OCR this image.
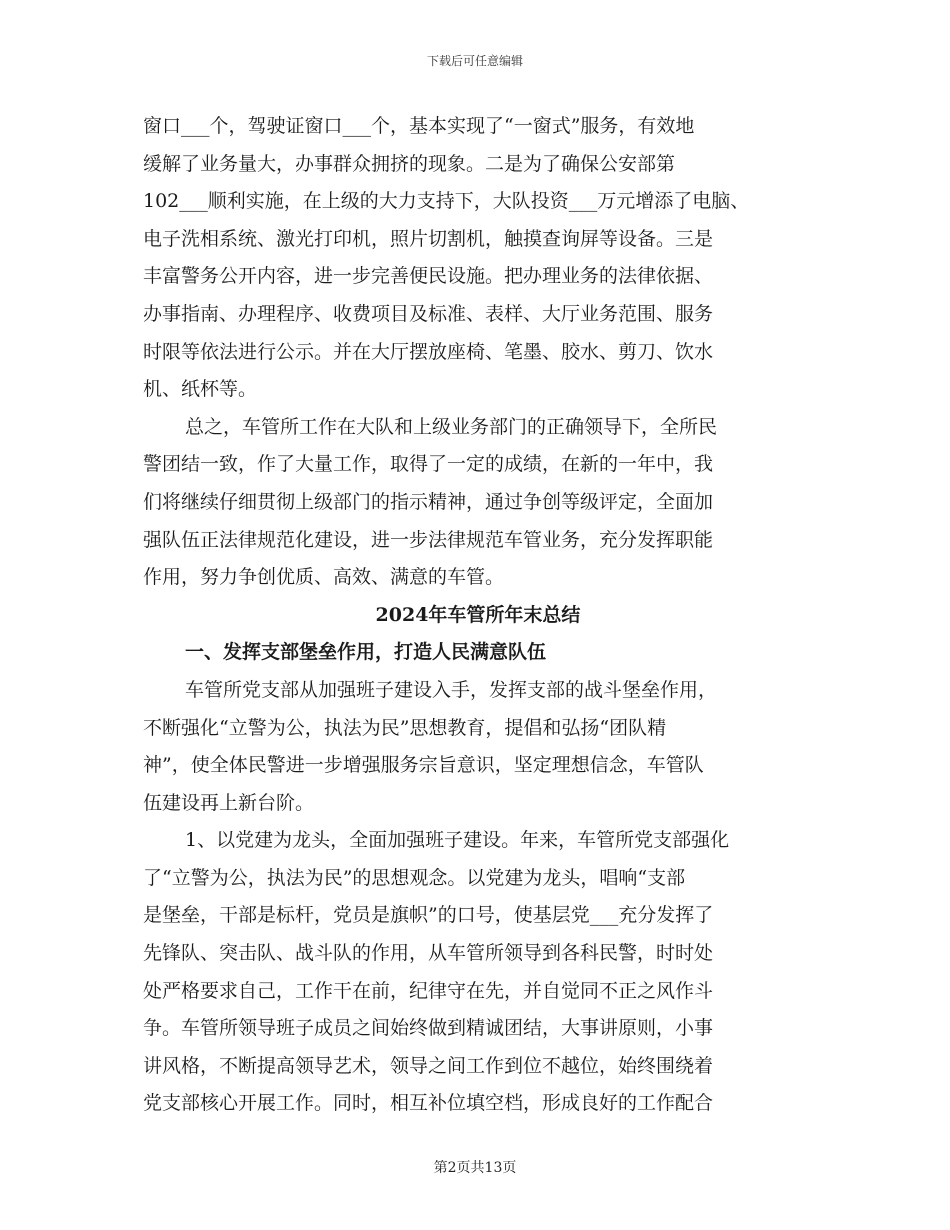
下载后可任意编辑
窗口___个，驾驶证窗口___个，基本实现了“一窗式”服务，有效地
缓解了业务量大，办事群众拥挤的现象。二是为了确保公安部第
102___顺利实施，在上级的大力支持下，大队投资___万元增添了电脑、
电子洗相系统、激光打印机，照片切割机，触摸查询屏等设备。三是
丰富警务公开内容，进一步完善便民设施。把办理业务的法律依据、
办事指南、办理程序、收费项目及标准、表样、大厅业务范围、服务
时限等依法进行公示。并在大厅摆放座椅、笔墨、胶水、剪刀、饮水
机、纸杯等。
总之，车管所工作在大队和上级业务部门的正确领导下，全所民
警团结一致，作了大量工作，取得了一定的成绩，在新的一年中，我
们将继续仔细贯彻上级部门的指示精神，通过争创等级评定，全面加
强队伍正法律规范化建设，进一步法律规范车管业务，充分发挥职能
作用，努力争创优质、高效、满意的车管。
2024年车管所年末总结
一、发挥支部堡垒作用，打造人民满意队伍
车管所党支部从加强班子建设入手，发挥支部的战斗堡垒作用，
不断强化“立警为公，执法为民”思想教育，提倡和弘扬“团队精
神”，使全体民警进一步增强服务宗旨意识，坚定理想信念，车管队
伍建设再上新台阶。
1、以党建为龙头，全面加强班子建设。年来，车管所党支部强化
了“立警为公，执法为民”的思想观念。以党建为龙头，唱响“支部
是堡垒，干部是标杆，党员是旗帜”的口号，使基层党___充分发挥了
先锋队、突击队、战斗队的作用，从车管所领导到各科民警，时时处
处严格要求自己，工作干在前，纪律守在先，并自觉同不正之风作斗
争。车管所领导班子成员之间始终做到精诚团结，大事讲原则，小事
讲风格，不断提高领导艺术，领导之间工作到位不越位，始终围绕着
党支部核心开展工作。同时，相互补位填空档，形成良好的工作配合
第2页共13页
